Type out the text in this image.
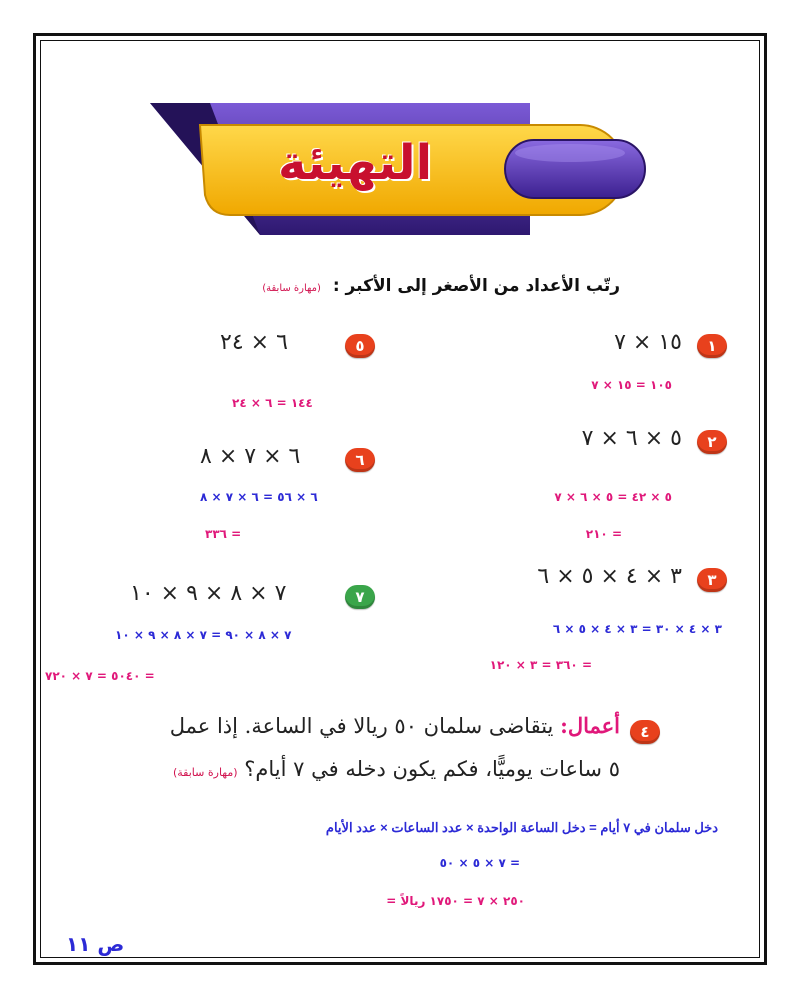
التهيئة
رتّب الأعداد من الأصغر إلى الأكبر : (مهارة سابقة)
١
١٥ × ٧
١٠٥ = ١٥ × ٧
٢
٥ × ٦ × ٧
٥ × ٤٢ = ٥ × ٦ × ٧
٢١٠ =
٣
٣ × ٤ × ٥ × ٦
٣ × ٤ × ٣٠ = ٣ × ٤ × ٥ × ٦
٣٦٠ = ٣ × ١٢٠ =
٥
٦ × ٢٤
١٤٤ = ٦ × ٢٤
٦
٦ × ٧ × ٨
٦ × ٥٦ = ٦ × ٧ × ٨
٣٣٦ =
٧
٧ × ٨ × ٩ × ١٠
٧ × ٨ × ٩٠ = ٧ × ٨ × ٩ × ١٠
٥٠٤٠ = ٧ × ٧٢٠ =
٤
أعمال: يتقاضى سلمان ٥٠ ريالا في الساعة. إذا عمل
٥ ساعات يوميًّا، فكم يكون دخله في ٧ أيام؟ (مهارة سابقة)
دخل سلمان في ٧ أيام = دخل الساعة الواحدة × عدد الساعات × عدد الأيام
٧ × ٥ × ٥٠ =
= ٢٥٠ × ٧ = ١٧٥٠ ريالاً
ص ١١
